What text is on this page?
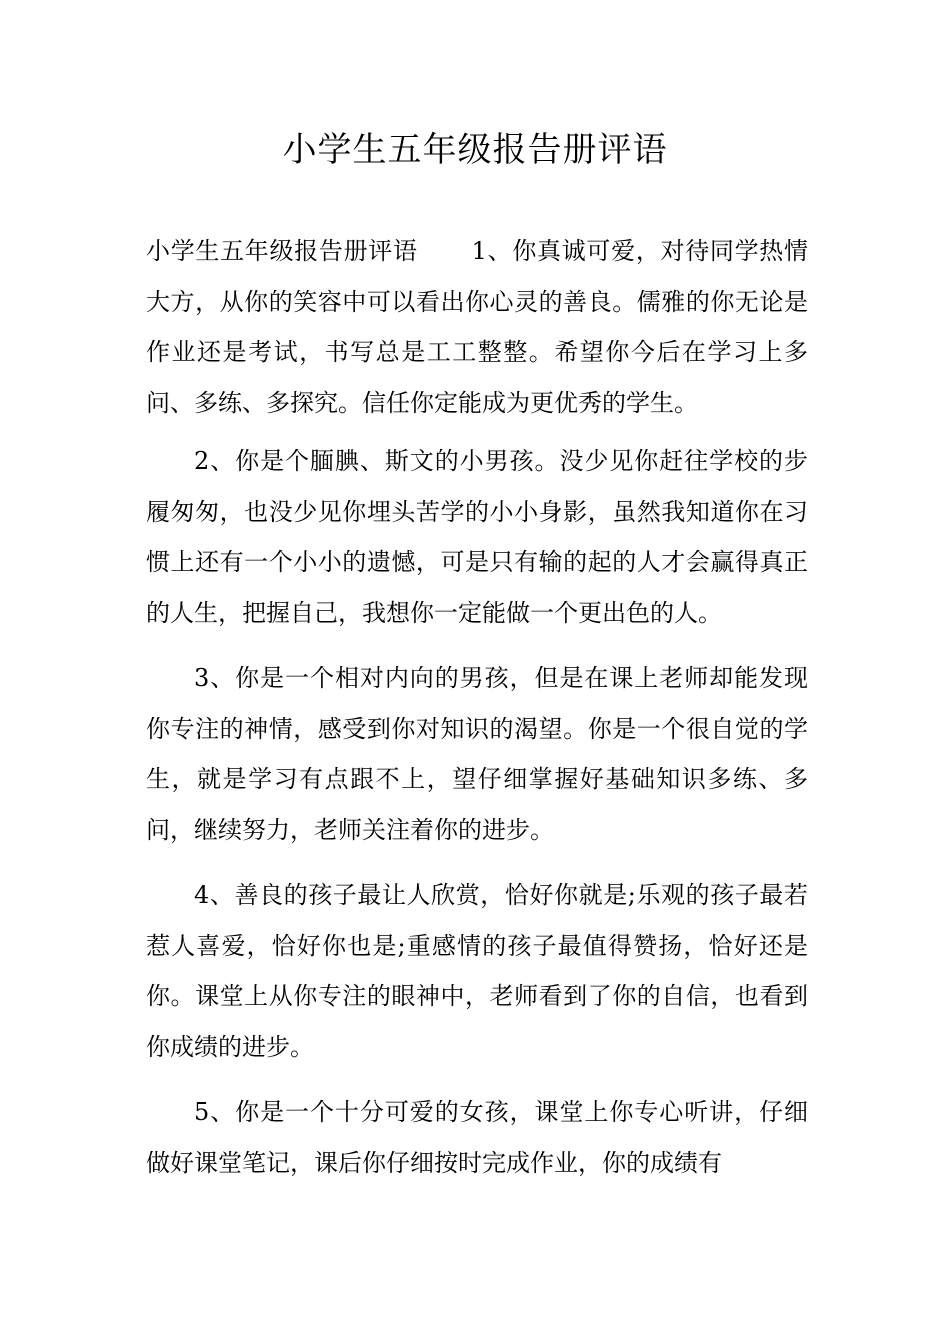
小学生五年级报告册评语

小学生五年级报告册评语 1、你真诚可爱，对待同学热情大方，从你的笑容中可以看出你心灵的善良。儒雅的你无论是作业还是考试，书写总是工工整整。希望你今后在学习上多问、多练、多探究。信任你定能成为更优秀的学生。

2、你是个腼腆、斯文的小男孩。没少见你赶往学校的步履匆匆，也没少见你埋头苦学的小小身影，虽然我知道你在习惯上还有一个小小的遗憾，可是只有输的起的人才会赢得真正的人生，把握自己，我想你一定能做一个更出色的人。

3、你是一个相对内向的男孩，但是在课上老师却能发现你专注的神情，感受到你对知识的渴望。你是一个很自觉的学生，就是学习有点跟不上，望仔细掌握好基础知识多练、多问，继续努力，老师关注着你的进步。

4、善良的孩子最让人欣赏，恰好你就是;乐观的孩子最若惹人喜爱，恰好你也是;重感情的孩子最值得赞扬，恰好还是你。课堂上从你专注的眼神中，老师看到了你的自信，也看到你成绩的进步。

5、你是一个十分可爱的女孩，课堂上你专心听讲，仔细做好课堂笔记，课后你仔细按时完成作业，你的成绩有
